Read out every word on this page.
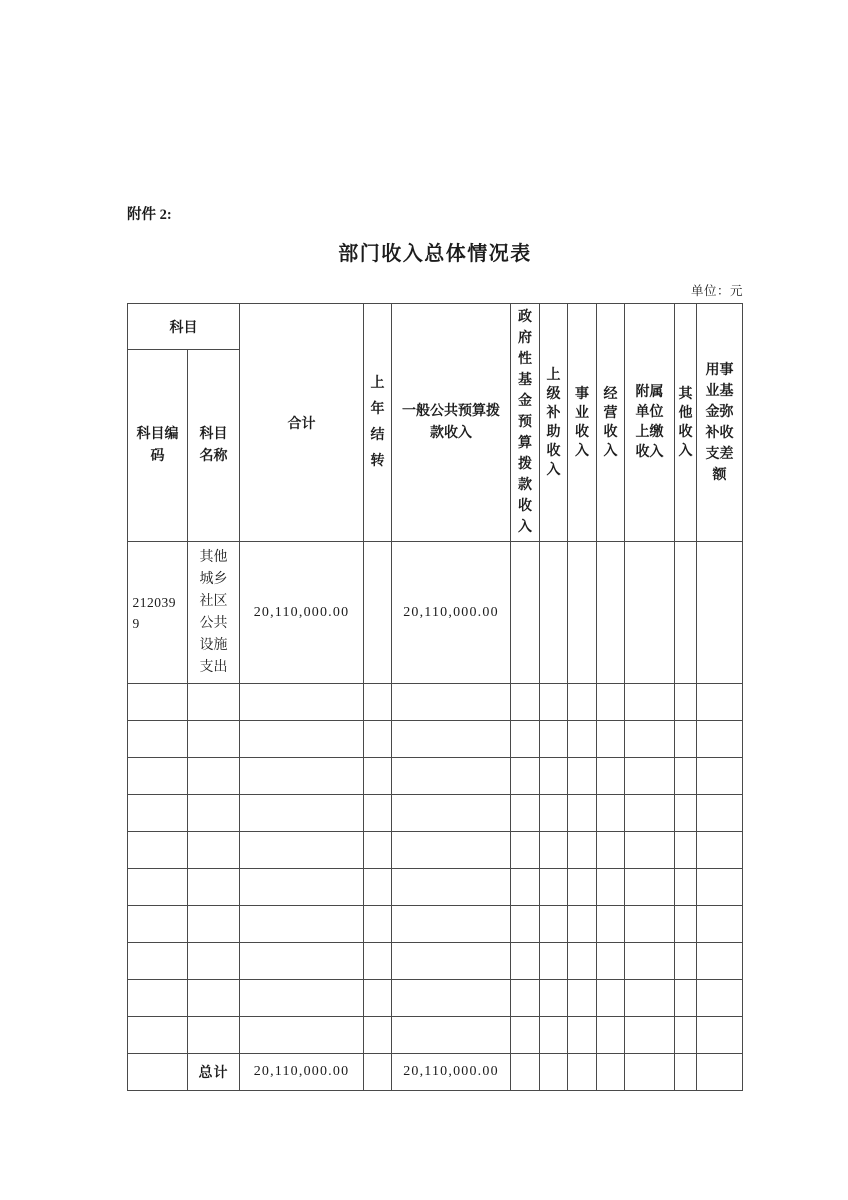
附件 2:
部门收入总体情况表
单位：元
科目		合计	上年结转	一般公共预算拨款收入	政府性基金预算拨款收入	上级补助收入	事业收入	经营收入	附属单位上缴收入	其他收入	用事业基金弥补收支差额
科目编码	科目名称										
2120399	其他城乡社区公共设施支出	20,110,000.00		20,110,000.00							

	总计	20,110,000.00		20,110,000.00							
